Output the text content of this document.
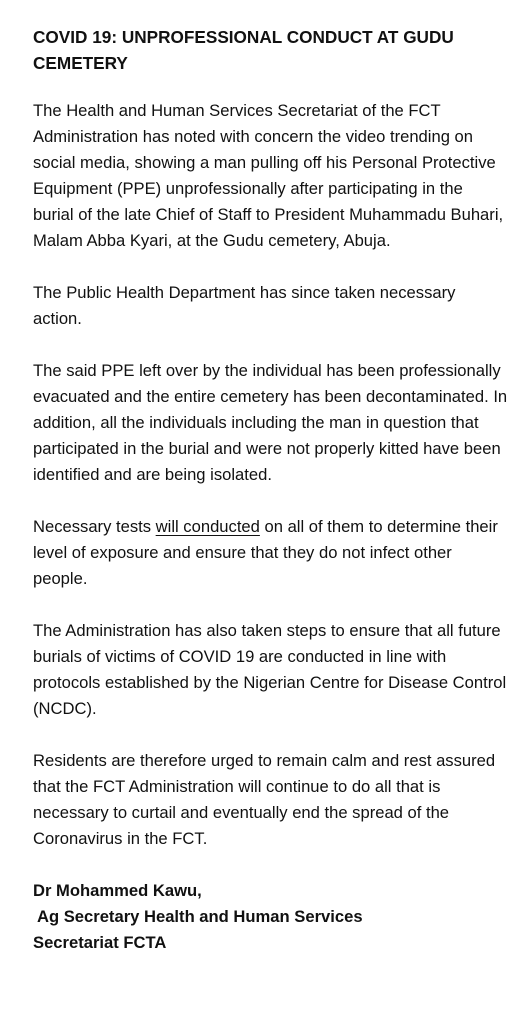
COVID 19: UNPROFESSIONAL CONDUCT AT GUDU CEMETERY

The Health and Human Services Secretariat of the FCT Administration has noted with concern the video trending on social media, showing a man pulling off his Personal Protective Equipment (PPE) unprofessionally after participating in the burial of the late Chief of Staff to President Muhammadu Buhari, Malam Abba Kyari, at the Gudu cemetery, Abuja.

The Public Health Department has since taken necessary action.

The said PPE left over by the individual has been professionally evacuated and the entire cemetery has been decontaminated. In addition, all the individuals including the man in question that participated in the burial and were not properly kitted have been identified and are being isolated.

Necessary tests will conducted on all of them to determine their level of exposure and ensure that they do not infect other people.

The Administration has also taken steps to ensure that all future burials of victims of COVID 19 are conducted in line with protocols established by the Nigerian Centre for Disease Control (NCDC).

Residents are therefore urged to remain calm and rest assured that the FCT Administration will continue to do all that is necessary to curtail and eventually end the spread of the Coronavirus in the FCT.

Dr Mohammed Kawu,
Ag Secretary Health and Human Services
Secretariat FCTA
